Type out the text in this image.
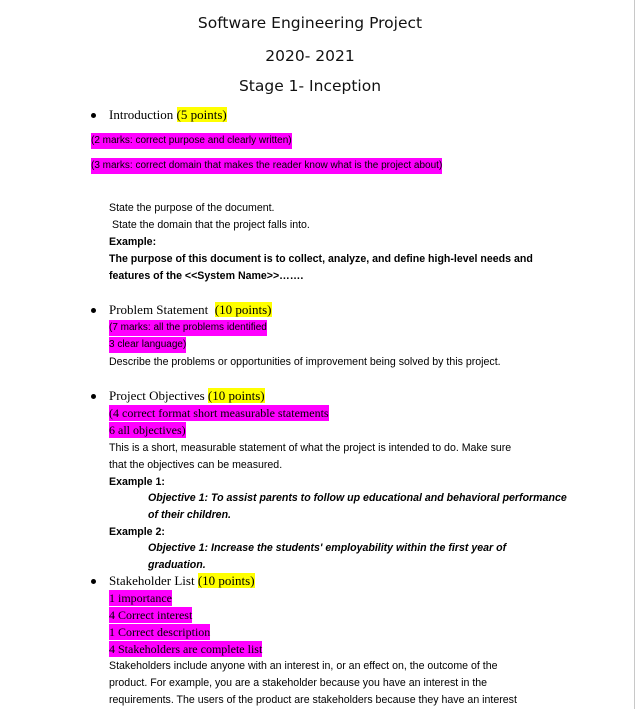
Software Engineering Project
2020- 2021
Stage 1- Inception
Introduction (5 points)
(2 marks: correct purpose and clearly written)
(3 marks: correct domain that makes the reader know what is the project about)
State the purpose of the document.
State the domain that the project falls into.
Example:
The purpose of this document is to collect, analyze, and define high-level needs and
features of the <<System Name>>…….
Problem Statement (10 points)
(7 marks: all the problems identified
3 clear language)
Describe the problems or opportunities of improvement being solved by this project.
Project Objectives (10 points)
(4 correct format short measurable statements
6 all objectives)
This is a short, measurable statement of what the project is intended to do. Make sure
that the objectives can be measured.
Example 1:
Objective 1: To assist parents to follow up educational and behavioral performance
of their children.
Example 2:
Objective 1: Increase the students' employability within the first year of
graduation.
Stakeholder List (10 points)
1 importance
4 Correct interest
1 Correct description
4 Stakeholders are complete list
Stakeholders include anyone with an interest in, or an effect on, the outcome of the
product. For example, you are a stakeholder because you have an interest in the
requirements. The users of the product are stakeholders because they have an interest
